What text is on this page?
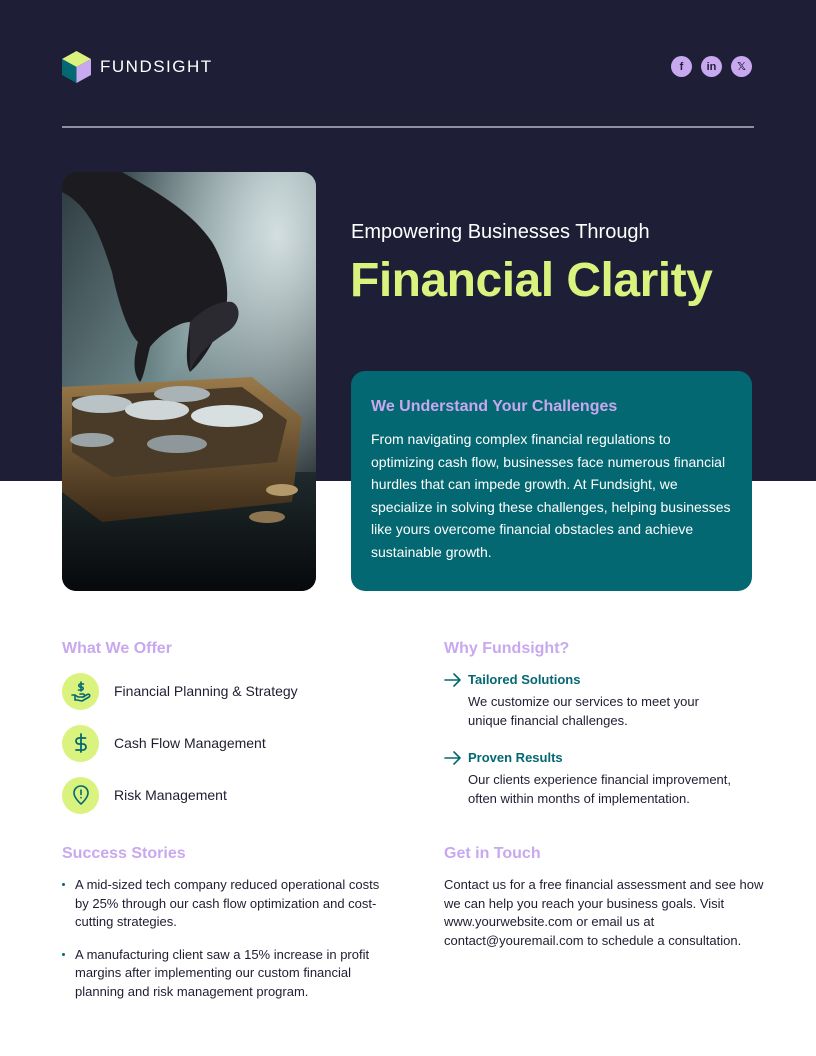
FUNDSIGHT	f	in	𝕏
Empowering Businesses Through
Financial Clarity
We Understand Your Challenges
From navigating complex financial regulations to optimizing cash flow, businesses face numerous financial hurdles that can impede growth. At Fundsight, we specialize in solving these challenges, helping businesses like yours overcome financial obstacles and achieve sustainable growth.
What We Offer
Financial Planning & Strategy
Cash Flow Management
Risk Management
Why Fundsight?
Tailored Solutions
We customize our services to meet your unique financial challenges.
Proven Results
Our clients experience financial improvement, often within months of implementation.
Success Stories
A mid-sized tech company reduced operational costs by 25% through our cash flow optimization and cost-cutting strategies.
A manufacturing client saw a 15% increase in profit margins after implementing our custom financial planning and risk management program.
Get in Touch
Contact us for a free financial assessment and see how we can help you reach your business goals. Visit www.yourwebsite.com or email us at contact@youremail.com to schedule a consultation.
